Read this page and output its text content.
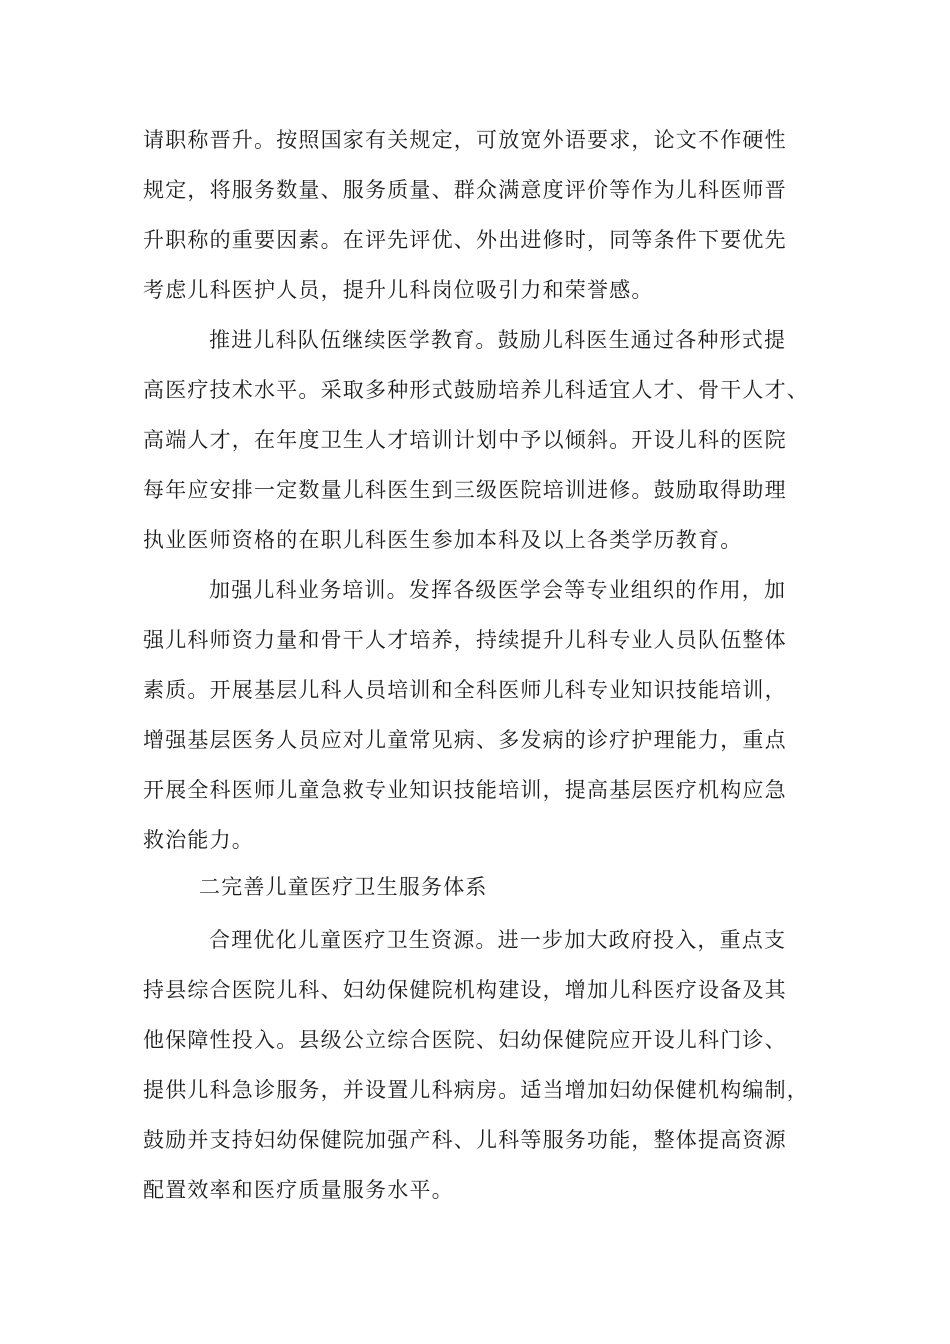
请职称晋升。按照国家有关规定，可放宽外语要求，论文不作硬性
规定，将服务数量、服务质量、群众满意度评价等作为儿科医师晋
升职称的重要因素。在评先评优、外出进修时，同等条件下要优先
考虑儿科医护人员，提升儿科岗位吸引力和荣誉感。
推进儿科队伍继续医学教育。鼓励儿科医生通过各种形式提
高医疗技术水平。采取多种形式鼓励培养儿科适宜人才、骨干人才、
高端人才，在年度卫生人才培训计划中予以倾斜。开设儿科的医院
每年应安排一定数量儿科医生到三级医院培训进修。鼓励取得助理
执业医师资格的在职儿科医生参加本科及以上各类学历教育。
加强儿科业务培训。发挥各级医学会等专业组织的作用，加
强儿科师资力量和骨干人才培养，持续提升儿科专业人员队伍整体
素质。开展基层儿科人员培训和全科医师儿科专业知识技能培训，
增强基层医务人员应对儿童常见病、多发病的诊疗护理能力，重点
开展全科医师儿童急救专业知识技能培训，提高基层医疗机构应急
救治能力。
二完善儿童医疗卫生服务体系
合理优化儿童医疗卫生资源。进一步加大政府投入，重点支
持县综合医院儿科、妇幼保健院机构建设，增加儿科医疗设备及其
他保障性投入。县级公立综合医院、妇幼保健院应开设儿科门诊、
提供儿科急诊服务，并设置儿科病房。适当增加妇幼保健机构编制，
鼓励并支持妇幼保健院加强产科、儿科等服务功能，整体提高资源
配置效率和医疗质量服务水平。
